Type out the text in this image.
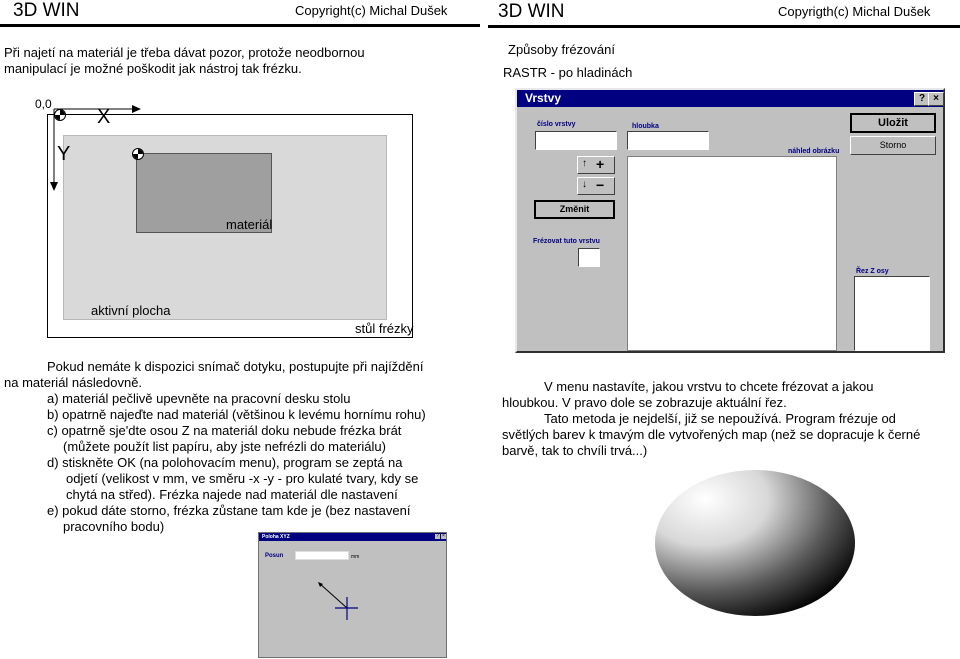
3D WIN	Copyright(c) Michal Dušek	3D WIN	Copyrigth(c) Michal Dušek
Při najetí na materiál je třeba dávat pozor, protože neodbornou
manipulací je možné poškodit jak nástroj tak frézku.
0,0
materiál
aktivní plocha
stůl frézky
X
Y
Pokud nemáte k dispozici snímač dotyku, postupujte při najíždění
na materiál následovně.
a) materiál pečlivě upevněte na pracovní desku stolu
b) opatrně najeďte nad materiál (většinou k levému hornímu rohu)
c) opatrně sje'dte osou Z na materiál doku nebude frézka brát
(můžete použít list papíru, aby jste nefrézli do materiálu)
d) stiskněte OK (na polohovacím menu), program se zeptá na
odjetí (velikost v mm, ve směru -x -y - pro kulaté tvary, kdy se
chytá na střed). Frézka najede nad materiál dle nastavení
e) pokud dáte storno, frézka zůstane tam kde je (bez nastavení
pracovního bodu)
Poloha XYZ	? ×
Posun	mm
Způsoby frézování
RASTR - po hladinách
Vrstvy	? ×
číslo vrstvy	hloubka	Uložit
Storno
náhled obrázku
↑ +
↓ −
Změnit
Frézovat tuto vrstvu
Řez Z osy
V menu nastavíte, jakou vrstvu to chcete frézovat a jakou
hloubkou. V pravo dole se zobrazuje aktuální řez.
Tato metoda je nejdelší, již se nepoužívá. Program frézuje od
světlých barev k tmavým dle vytvořených map (než se dopracuje k černé
barvě, tak to chvíli trvá...)
